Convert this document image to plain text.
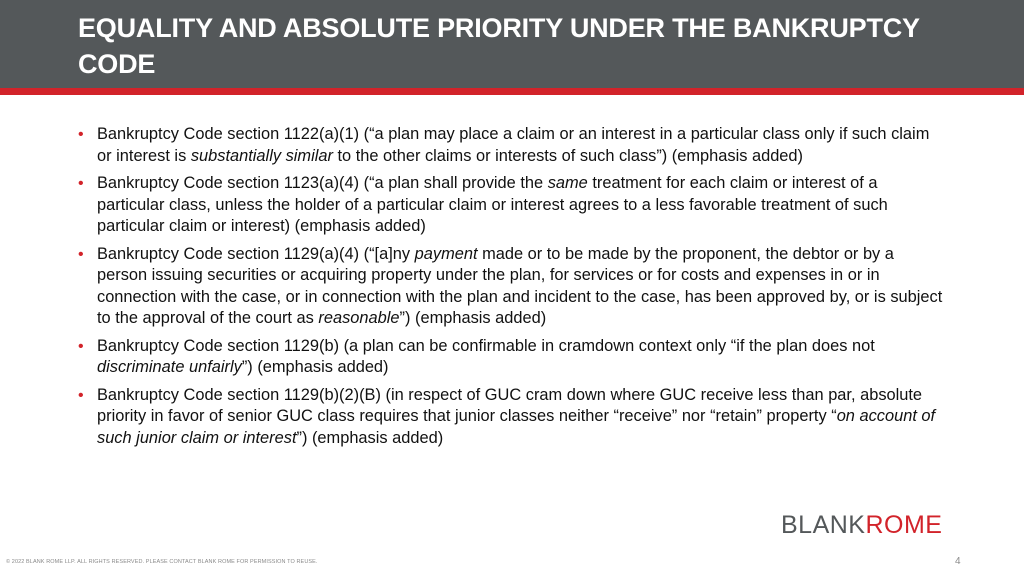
EQUALITY AND ABSOLUTE PRIORITY UNDER THE BANKRUPTCY CODE
• Bankruptcy Code section 1122(a)(1) (“a plan may place a claim or an interest in a particular class only if such claim or interest is substantially similar to the other claims or interests of such class”) (emphasis added)
• Bankruptcy Code section 1123(a)(4) (“a plan shall provide the same treatment for each claim or interest of a particular class, unless the holder of a particular claim or interest agrees to a less favorable treatment of such particular claim or interest) (emphasis added)
• Bankruptcy Code section 1129(a)(4) (“[a]ny payment made or to be made by the proponent, the debtor or by a person issuing securities or acquiring property under the plan, for services or for costs and expenses in or in connection with the case, or in connection with the plan and incident to the case, has been approved by, or is subject to the approval of the court as reasonable”) (emphasis added)
• Bankruptcy Code section 1129(b) (a plan can be confirmable in cramdown context only “if the plan does not discriminate unfairly”) (emphasis added)
• Bankruptcy Code section 1129(b)(2)(B) (in respect of GUC cram down where GUC receive less than par, absolute priority in favor of senior GUC class requires that junior classes neither “receive” nor “retain” property “on account of such junior claim or interest”) (emphasis added)
BLANKROME
© 2022 BLANK ROME LLP. ALL RIGHTS RESERVED. PLEASE CONTACT BLANK ROME FOR PERMISSION TO REUSE.	4
